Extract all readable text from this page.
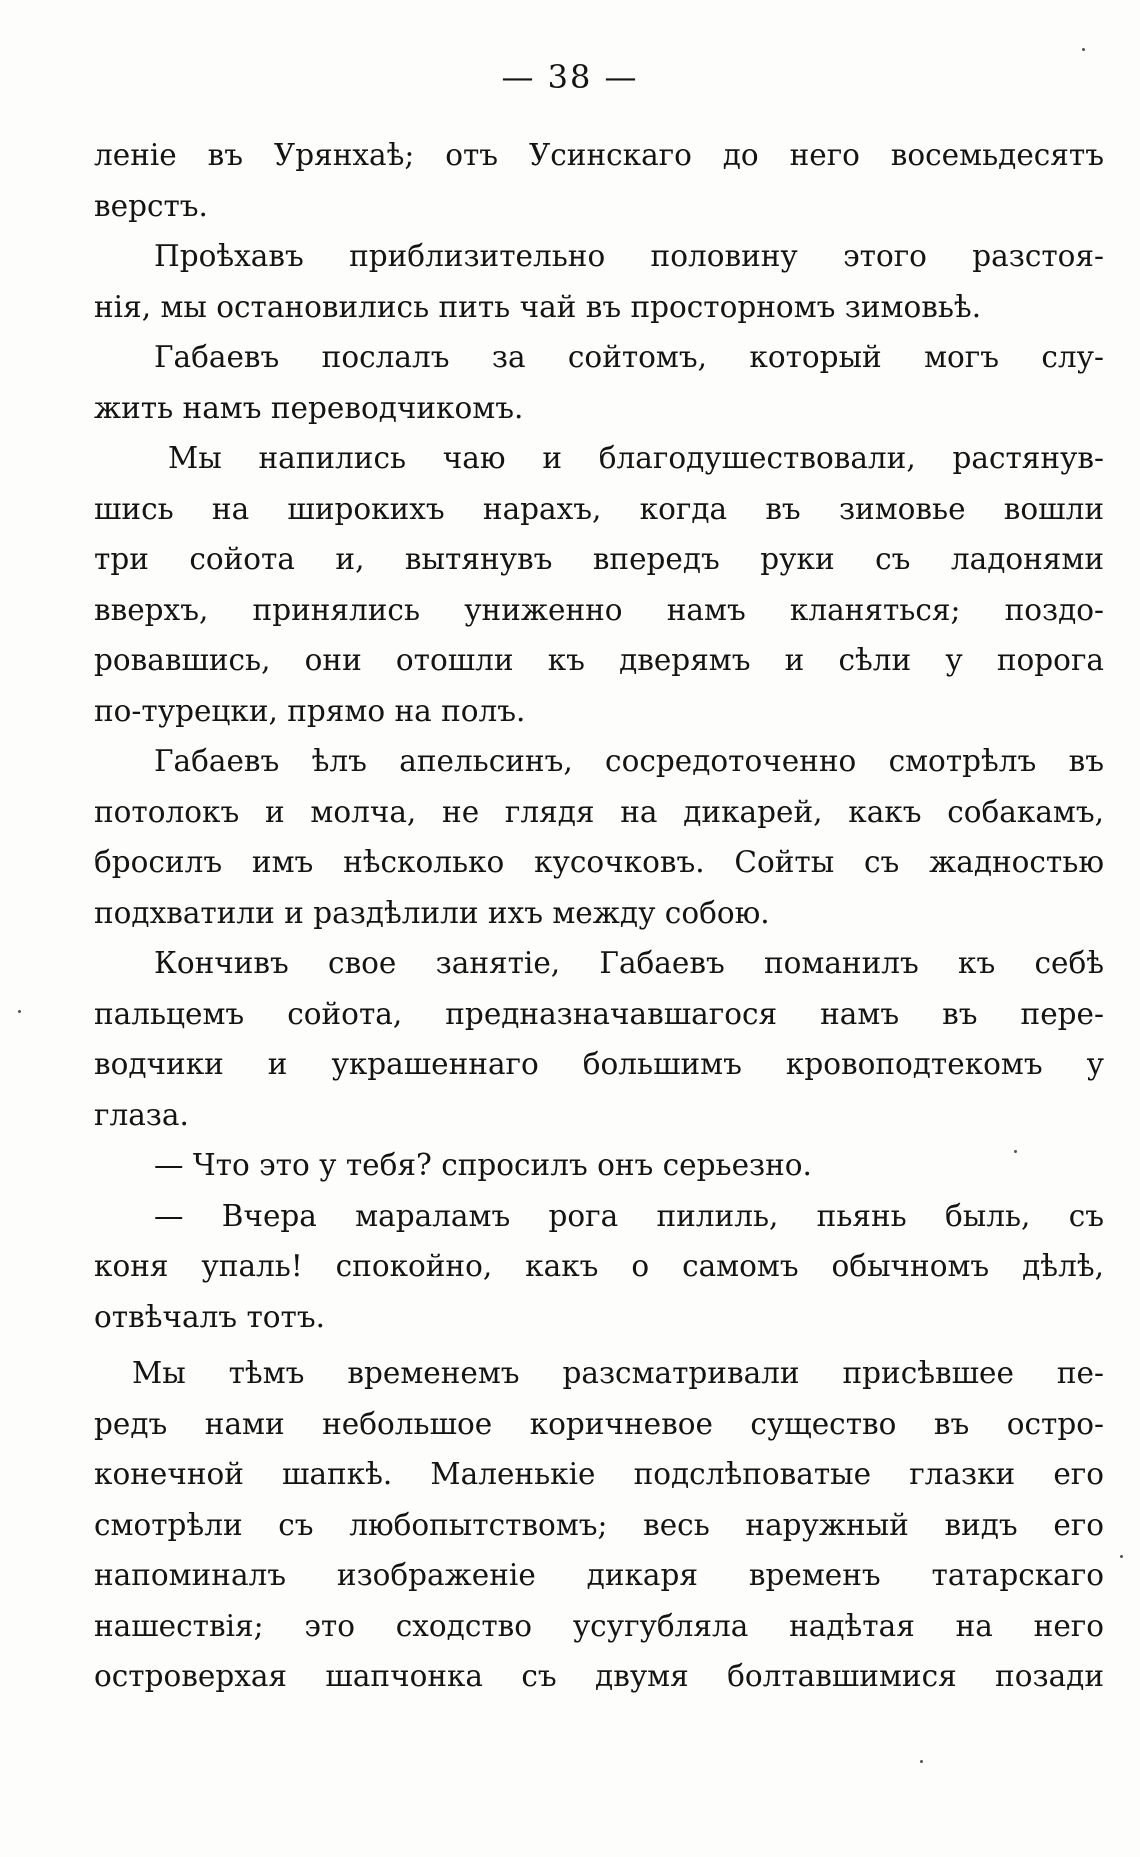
— 38 —
леніе въ Урянхаѣ; отъ Усинскаго до него восемьдесятъ
верстъ.
Проѣхавъ приблизительно половину этого разстоя-
нія, мы остановились пить чай въ просторномъ зимовьѣ.
Габаевъ послалъ за сойтомъ, который могъ слу-
жить намъ переводчикомъ.
Мы напились чаю и благодушествовали, растянув-
шись на широкихъ нарахъ, когда въ зимовье вошли
три сойота и, вытянувъ впередъ руки съ ладонями
вверхъ, принялись униженно намъ кланяться; поздо-
ровавшись, они отошли къ дверямъ и сѣли у порога
по-турецки, прямо на полъ.
Габаевъ ѣлъ апельсинъ, сосредоточенно смотрѣлъ въ
потолокъ и молча, не глядя на дикарей, какъ собакамъ,
бросилъ имъ нѣсколько кусочковъ. Сойты съ жадностью
подхватили и раздѣлили ихъ между собою.
Кончивъ свое занятіе, Габаевъ поманилъ къ себѣ
пальцемъ сойота, предназначавшагося намъ въ пере-
водчики и украшеннаго большимъ кровоподтекомъ у
глаза.
— Что это у тебя? спросилъ онъ серьезно.
— Вчера мараламъ рога пилиль, пьянь быль, съ
коня упаль! спокойно, какъ о самомъ обычномъ дѣлѣ,
отвѣчалъ тотъ.
Мы тѣмъ временемъ разсматривали присѣвшее пе-
редъ нами небольшое коричневое существо въ остро-
конечной шапкѣ. Маленькіе подслѣповатые глазки его
смотрѣли съ любопытствомъ; весь наружный видъ его
напоминалъ изображеніе дикаря временъ татарскаго
нашествія; это сходство усугубляла надѣтая на него
островерхая шапчонка съ двумя болтавшимися позади
